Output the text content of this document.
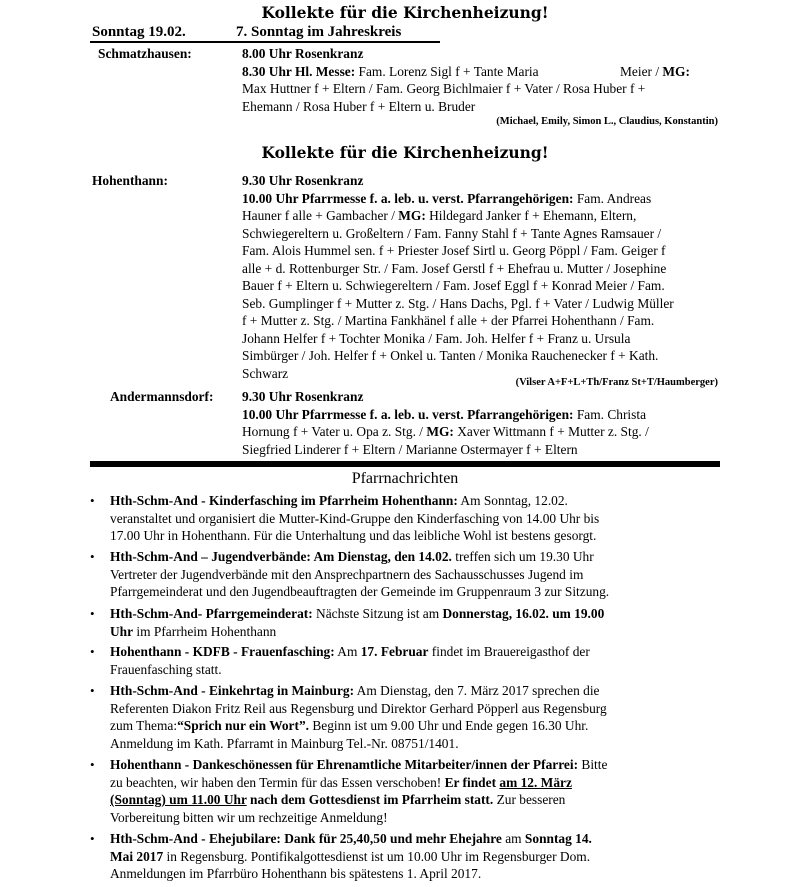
Kollekte für die Kirchenheizung!
Sonntag 19.02.	7. Sonntag im Jahreskreis
Schmatzhausen:	8.00 Uhr Rosenkranz

8.30 Uhr Hl. Messe: Fam. Lorenz Sigl f + Tante Maria	Meier / MG:

Max Huttner f + Eltern / Fam. Georg Bichlmaier f + Vater / Rosa Huber f +

Ehemann / Rosa Huber f + Eltern u. Bruder

(Michael, Emily, Simon L., Claudius, Konstantin)
Kollekte für die Kirchenheizung!
Hohenthann:	9.30 Uhr Rosenkranz

10.00 Uhr Pfarrmesse f. a. leb. u. verst. Pfarrangehörigen: Fam. Andreas

Hauner f alle + Gambacher / MG: Hildegard Janker f + Ehemann, Eltern,

Schwiegereltern u. Großeltern / Fam. Fanny Stahl f + Tante Agnes Ramsauer /

Fam. Alois Hummel sen. f + Priester Josef Sirtl u. Georg Pöppl / Fam. Geiger f

alle + d. Rottenburger Str. / Fam. Josef Gerstl f + Ehefrau u. Mutter / Josephine

Bauer f + Eltern u. Schwiegereltern / Fam. Josef Eggl f + Konrad Meier / Fam.

Seb. Gumplinger f + Mutter z. Stg. / Hans Dachs, Pgl. f + Vater / Ludwig Müller

f + Mutter z. Stg. / Martina Fankhänel f alle + der Pfarrei Hohenthann / Fam.

Johann Helfer f + Tochter Monika / Fam. Joh. Helfer f + Franz u. Ursula

Simbürger / Joh. Helfer f + Onkel u. Tanten / Monika Rauchenecker f + Kath.

Schwarz

(Vilser A+F+L+Th/Franz St+T/Haumberger)
Andermannsdorf: 9.30 Uhr Rosenkranz

10.00 Uhr Pfarrmesse f. a. leb. u. verst. Pfarrangehörigen: Fam. Christa

Hornung f + Vater u. Opa z. Stg. / MG: Xaver Wittmann f + Mutter z. Stg. /

Siegfried Linderer f + Eltern / Marianne Ostermayer f + Eltern

Pfarrnachrichten
• Hth-Schm-And - Kinderfasching im Pfarrheim Hohenthann: Am Sonntag, 12.02.

veranstaltet und organisiert die Mutter-Kind-Gruppe den Kinderfasching von 14.00 Uhr bis

17.00 Uhr in Hohenthann. Für die Unterhaltung und das leibliche Wohl ist bestens gesorgt.

• Hth-Schm-And – Jugendverbände: Am Dienstag, den 14.02. treffen sich um 19.30 Uhr

Vertreter der Jugendverbände mit den Ansprechpartnern des Sachausschusses Jugend im

Pfarrgemeinderat und den Jugendbeauftragten der Gemeinde im Gruppenraum 3 zur Sitzung.

• Hth-Schm-And- Pfarrgemeinderat: Nächste Sitzung ist am Donnerstag, 16.02. um 19.00

Uhr im Pfarrheim Hohenthann

• Hohenthann - KDFB - Frauenfasching: Am 17. Februar findet im Brauereigasthof der

Frauenfasching statt.

• Hth-Schm-And - Einkehrtag in Mainburg: Am Dienstag, den 7. März 2017 sprechen die

Referenten Diakon Fritz Reil aus Regensburg und Direktor Gerhard Pöpperl aus Regensburg

zum Thema:“Sprich nur ein Wort”. Beginn ist um 9.00 Uhr und Ende gegen 16.30 Uhr.

Anmeldung im Kath. Pfarramt in Mainburg Tel.-Nr. 08751/1401.

• Hohenthann - Dankeschönessen für Ehrenamtliche Mitarbeiter/innen der Pfarrei: Bitte

zu beachten, wir haben den Termin für das Essen verschoben! Er findet am 12. März

(Sonntag) um 11.00 Uhr nach dem Gottesdienst im Pfarrheim statt. Zur besseren

Vorbereitung bitten wir um rechzeitige Anmeldung!

• Hth-Schm-And - Ehejubilare: Dank für 25,40,50 und mehr Ehejahre am Sonntag 14.

Mai 2017 in Regensburg. Pontifikalgottesdienst ist um 10.00 Uhr im Regensburger Dom.

Anmeldungen im Pfarrbüro Hohenthann bis spätestens 1. April 2017.
